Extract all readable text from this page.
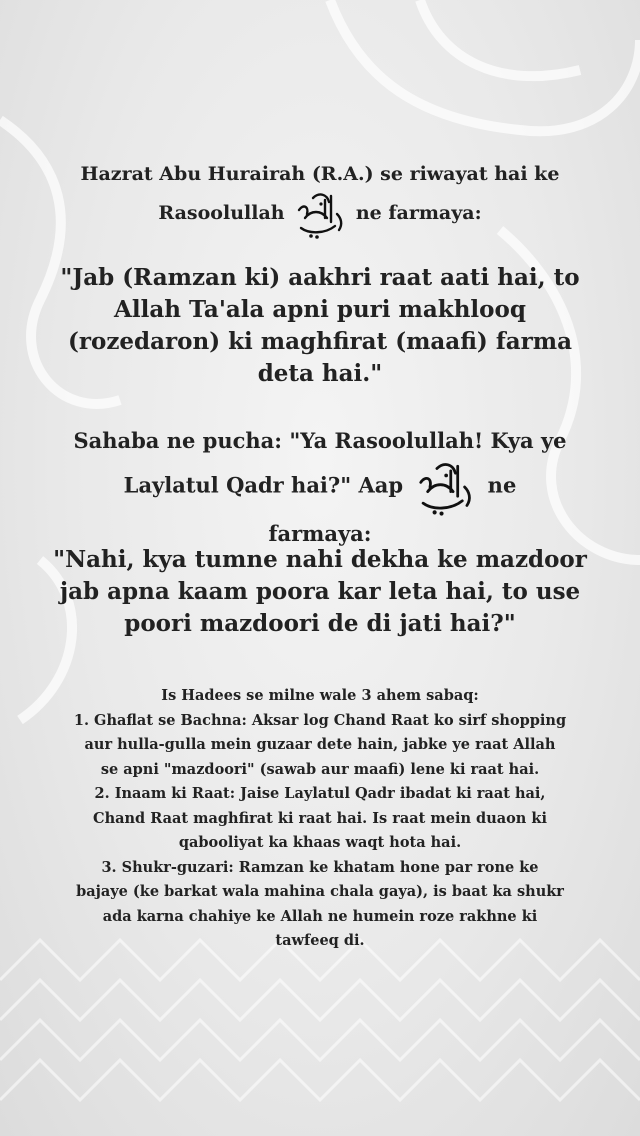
Hazrat Abu Hurairah (R.A.) se riwayat hai ke
Rasoolullah	ne farmaya:
"Jab (Ramzan ki) aakhri raat aati hai, to
Allah Ta'ala apni puri makhlooq
(rozedaron) ki maghfirat (maafi) farma
deta hai."
Sahaba ne pucha: "Ya Rasoolullah! Kya ye
Laylatul Qadr hai?" Aap	ne
farmaya:
"Nahi, kya tumne nahi dekha ke mazdoor
jab apna kaam poora kar leta hai, to use
poori mazdoori de di jati hai?"
Is Hadees se milne wale 3 ahem sabaq:
1. Ghaflat se Bachna: Aksar log Chand Raat ko sirf shopping
aur hulla-gulla mein guzaar dete hain, jabke ye raat Allah
se apni "mazdoori" (sawab aur maafi) lene ki raat hai.
2. Inaam ki Raat: Jaise Laylatul Qadr ibadat ki raat hai,
Chand Raat maghfirat ki raat hai. Is raat mein duaon ki
qabooliyat ka khaas waqt hota hai.
3. Shukr-guzari: Ramzan ke khatam hone par rone ke
bajaye (ke barkat wala mahina chala gaya), is baat ka shukr
ada karna chahiye ke Allah ne humein roze rakhne ki
tawfeeq di.
